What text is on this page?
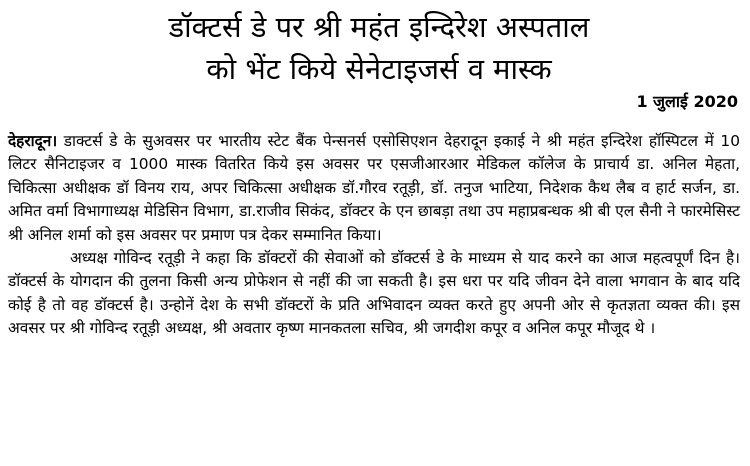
डॉक्टर्स डे पर श्री महंत इन्दिरेश अस्पताल
को भेंट किये सेनेटाइजर्स व मास्क
1 जुलाई 2020

देहरादून। डाक्टर्स डे के सुअवसर पर भारतीय स्टेट बैंक पेन्सनर्स एसोसिएशन देहरादून इकाई ने श्री महंत इन्दिरेश हॉस्पिटल में 10 लिटर सैनिटाइजर व 1000 मास्क वितरित किये इस अवसर पर एसजीआरआर मेडिकल कॉलेज के प्राचार्य डा. अनिल मेहता, चिकित्सा अधीक्षक डॉ विनय राय, अपर चिकित्सा अधीक्षक डॉ.गौरव रतूड़ी, डॉ. तनुज भाटिया, निदेशक कैथ लैब व हार्ट सर्जन, डा. अमित वर्मा विभागाध्यक्ष मेडिसिन विभाग, डा.राजीव सिकंद, डॉक्टर के एन छाबड़ा तथा उप महाप्रबन्धक श्री बी एल सैनी ने फारमेसिस्ट श्री अनिल शर्मा को इस अवसर पर प्रमाण पत्र देकर सम्मानित किया।

अध्यक्ष गोविन्द रतूड़ी ने कहा कि डॉक्टरों की सेवाओं को डॉक्टर्स डे के माध्यम से याद करने का आज महत्वपूर्णं दिन है। डॉक्टर्स के योगदान की तुलना किसी अन्य प्रोफेशन से नहीं की जा सकती है। इस धरा पर यदि जीवन देने वाला भगवान के बाद यदि कोई है तो वह डॉक्टर्स है। उन्होनें देश के सभी डॉक्टरों के प्रति अभिवादन व्यक्त करते हुए अपनी ओर से कृतज्ञता व्यक्त की। इस अवसर पर श्री गोविन्द रतूड़ी अध्यक्ष, श्री अवतार कृष्ण मानकतला सचिव, श्री जगदीश कपूर व अनिल कपूर मौजूद थे ।
